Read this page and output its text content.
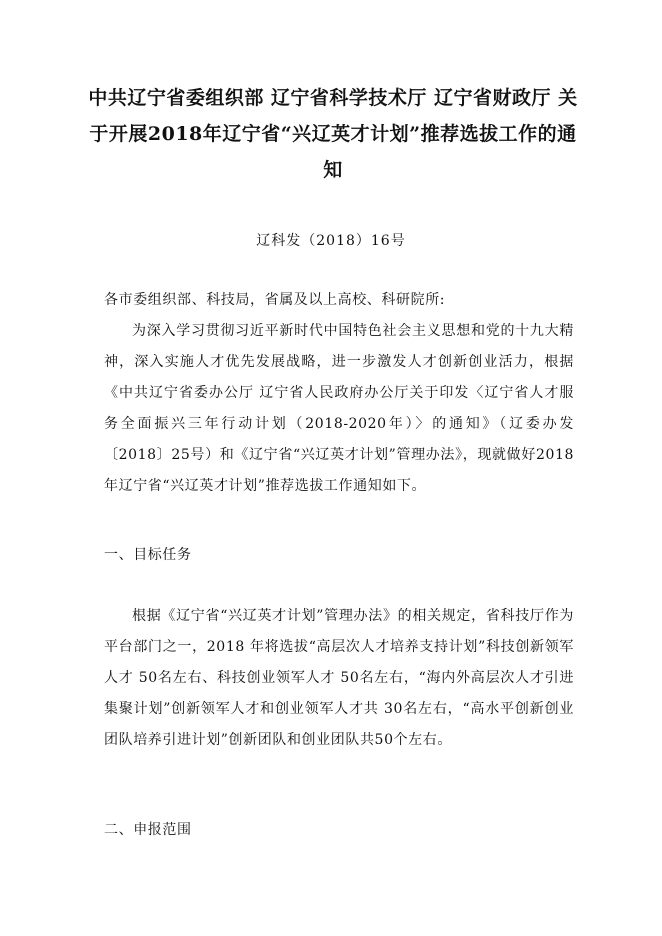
中共辽宁省委组织部 辽宁省科学技术厅 辽宁省财政厅 关于开展2018年辽宁省“兴辽英才计划”推荐选拔工作的通知
辽科发（2018）16号

各市委组织部、科技局，省属及以上高校、科研院所:

为深入学习贯彻习近平新时代中国特色社会主义思想和党的十九大精神，深入实施人才优先发展战略，进一步激发人才创新创业活力，根据《中共辽宁省委办公厅 辽宁省人民政府办公厅关于印发〈辽宁省人才服务全面振兴三年行动计划（2018-2020年）〉的通知》（辽委办发〔2018〕25号）和《辽宁省“兴辽英才计划”管理办法》，现就做好2018年辽宁省“兴辽英才计划”推荐选拔工作通知如下。

一、目标任务

根据《辽宁省“兴辽英才计划”管理办法》的相关规定，省科技厅作为平台部门之一，2018 年将选拔“高层次人才培养支持计划”科技创新领军人才 50名左右、科技创业领军人才 50名左右，“海内外高层次人才引进集聚计划”创新领军人才和创业领军人才共 30名左右，“高水平创新创业团队培养引进计划”创新团队和创业团队共50个左右。

二、申报范围
